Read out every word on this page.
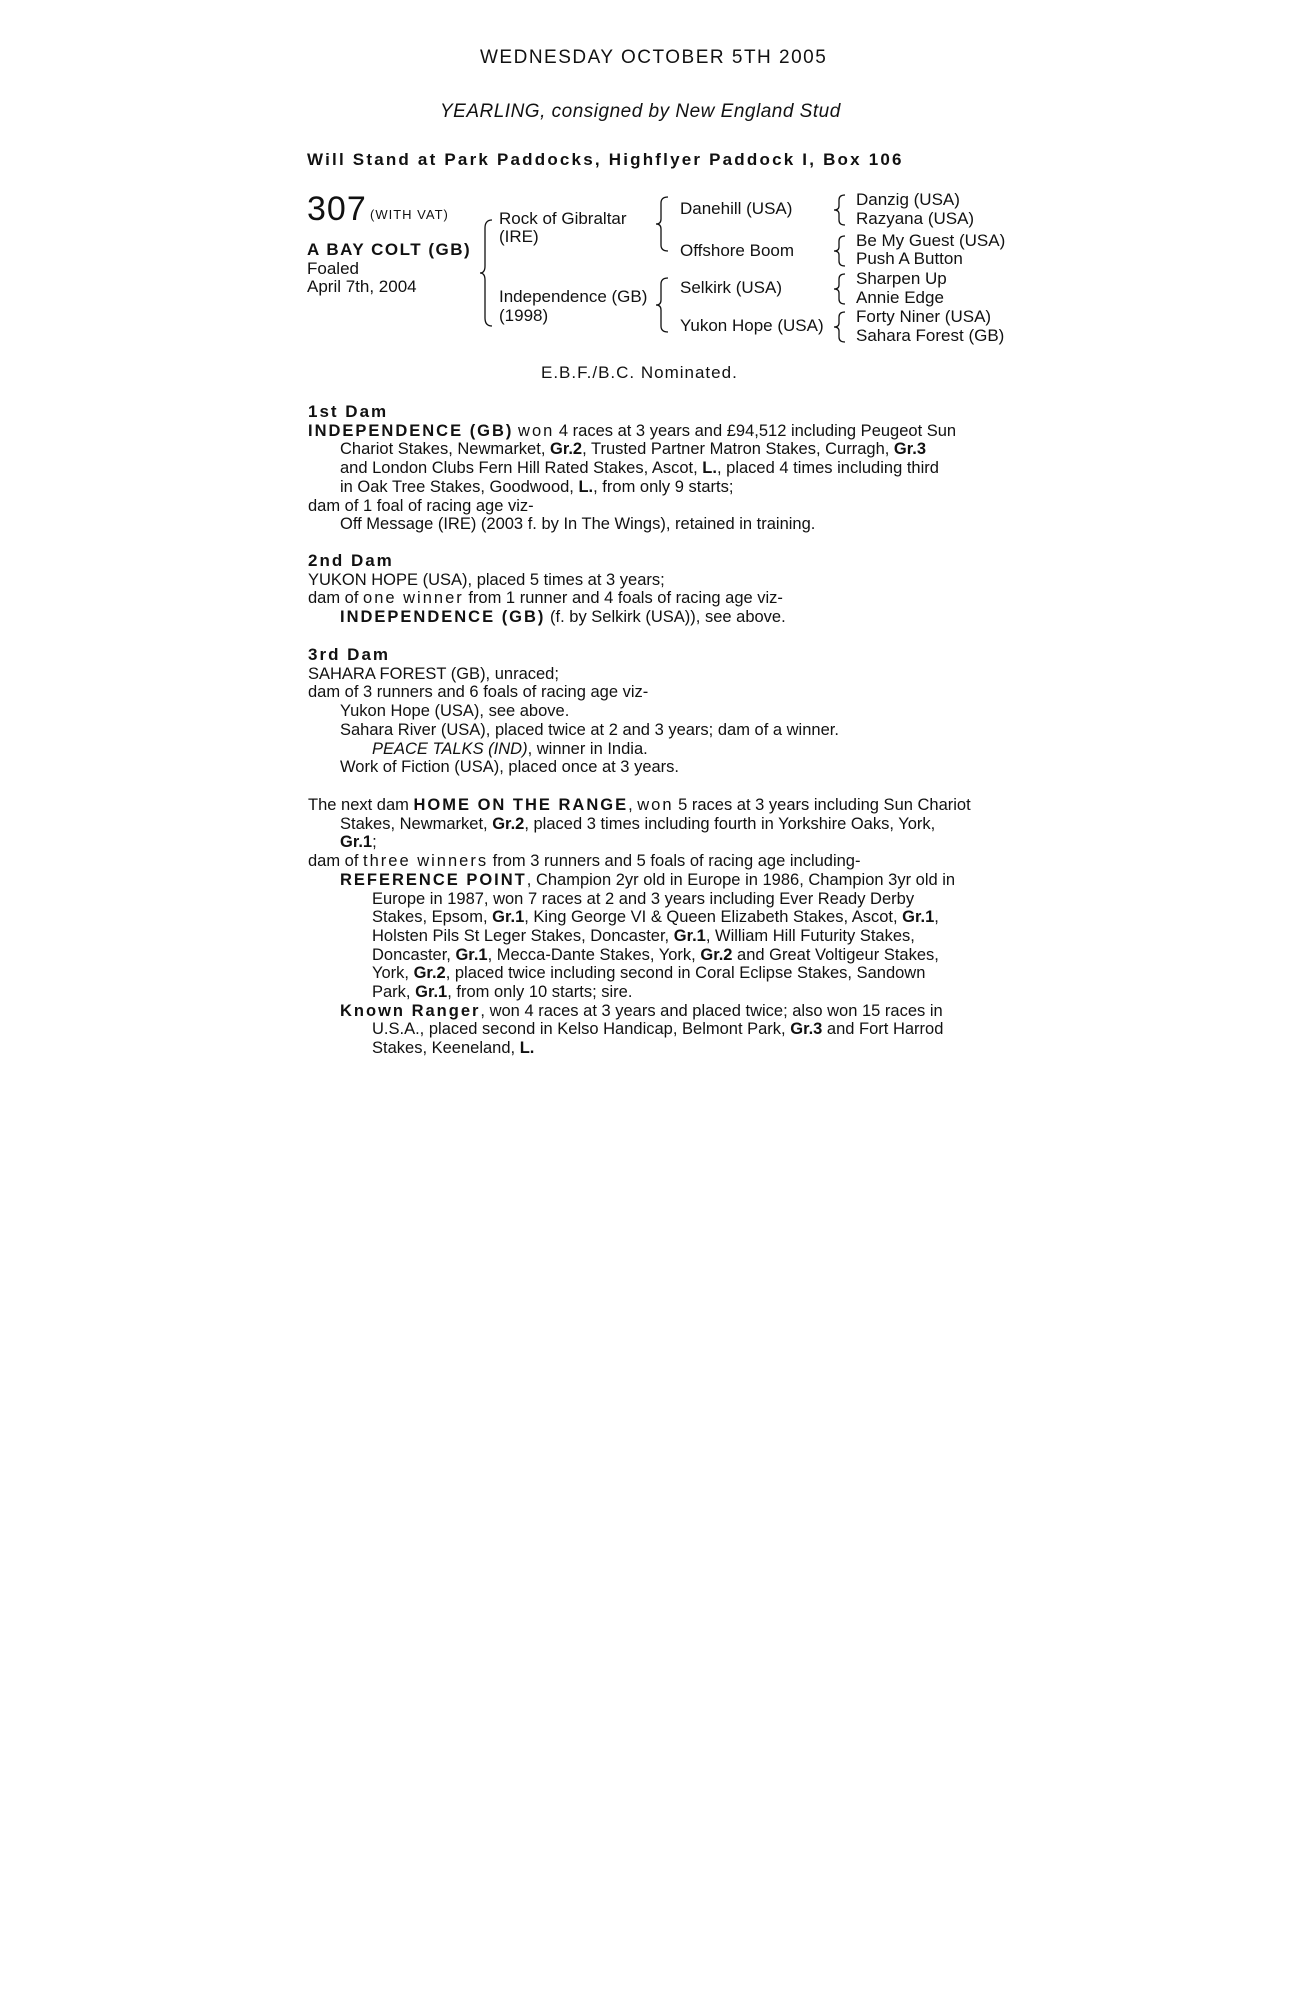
WEDNESDAY OCTOBER 5TH 2005
YEARLING, consigned by New England Stud
Will Stand at Park Paddocks, Highflyer Paddock I, Box 106
307 (WITH VAT)
A BAY COLT (GB)
Foaled
April 7th, 2004
Rock of Gibraltar
(IRE)
Independence (GB)
(1998)
Danehill (USA)
Offshore Boom
Selkirk (USA)
Yukon Hope (USA)
Danzig (USA)
Razyana (USA)
Be My Guest (USA)
Push A Button
Sharpen Up
Annie Edge
Forty Niner (USA)
Sahara Forest (GB)
E.B.F./B.C. Nominated.
1st Dam
INDEPENDENCE (GB) won 4 races at 3 years and £94,512 including Peugeot Sun
Chariot Stakes, Newmarket, Gr.2, Trusted Partner Matron Stakes, Curragh, Gr.3
and London Clubs Fern Hill Rated Stakes, Ascot, L., placed 4 times including third
in Oak Tree Stakes, Goodwood, L., from only 9 starts;
dam of 1 foal of racing age viz-
Off Message (IRE) (2003 f. by In The Wings), retained in training.
2nd Dam
YUKON HOPE (USA), placed 5 times at 3 years;
dam of one winner from 1 runner and 4 foals of racing age viz-
INDEPENDENCE (GB) (f. by Selkirk (USA)), see above.
3rd Dam
SAHARA FOREST (GB), unraced;
dam of 3 runners and 6 foals of racing age viz-
Yukon Hope (USA), see above.
Sahara River (USA), placed twice at 2 and 3 years; dam of a winner.
PEACE TALKS (IND), winner in India.
Work of Fiction (USA), placed once at 3 years.
The next dam HOME ON THE RANGE, won 5 races at 3 years including Sun Chariot
Stakes, Newmarket, Gr.2, placed 3 times including fourth in Yorkshire Oaks, York,
Gr.1;
dam of three winners from 3 runners and 5 foals of racing age including-
REFERENCE POINT, Champion 2yr old in Europe in 1986, Champion 3yr old in
Europe in 1987, won 7 races at 2 and 3 years including Ever Ready Derby
Stakes, Epsom, Gr.1, King George VI & Queen Elizabeth Stakes, Ascot, Gr.1,
Holsten Pils St Leger Stakes, Doncaster, Gr.1, William Hill Futurity Stakes,
Doncaster, Gr.1, Mecca-Dante Stakes, York, Gr.2 and Great Voltigeur Stakes,
York, Gr.2, placed twice including second in Coral Eclipse Stakes, Sandown
Park, Gr.1, from only 10 starts; sire.
Known Ranger, won 4 races at 3 years and placed twice; also won 15 races in
U.S.A., placed second in Kelso Handicap, Belmont Park, Gr.3 and Fort Harrod
Stakes, Keeneland, L.
